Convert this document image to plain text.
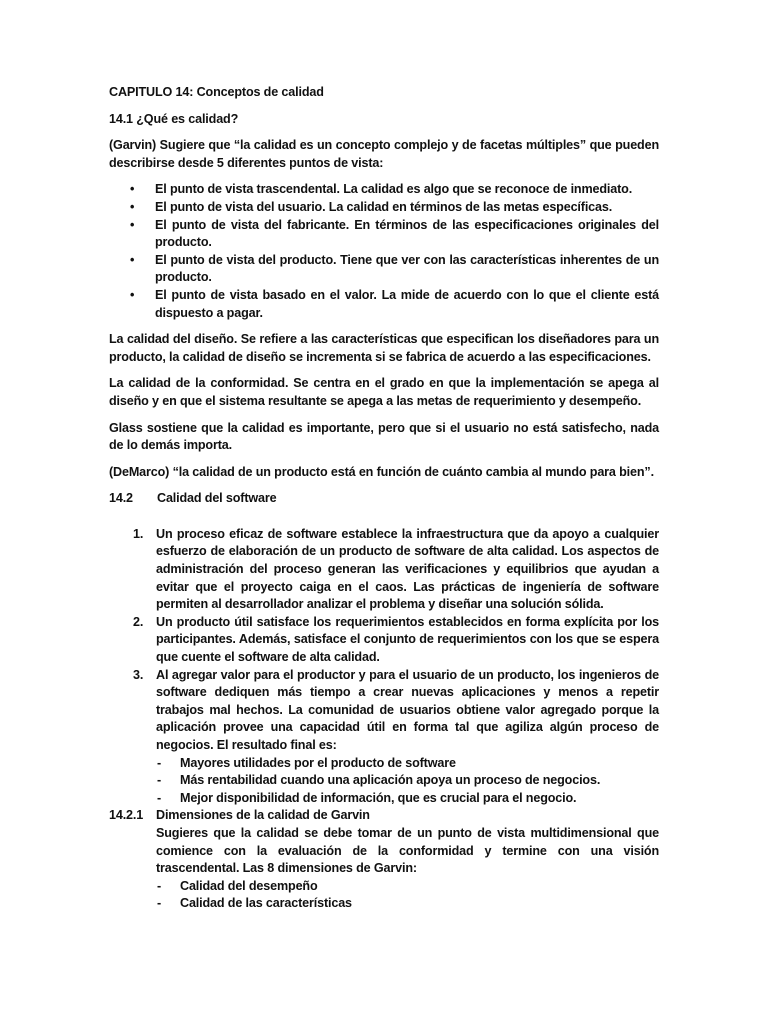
CAPITULO 14: Conceptos de calidad

14.1 ¿Qué es calidad?

(Garvin) Sugiere que “la calidad es un concepto complejo y de facetas múltiples” que pueden describirse desde 5 diferentes puntos de vista:

• El punto de vista trascendental. La calidad es algo que se reconoce de inmediato.
• El punto de vista del usuario. La calidad en términos de las metas específicas.
• El punto de vista del fabricante. En términos de las especificaciones originales del producto.
• El punto de vista del producto. Tiene que ver con las características inherentes de un producto.
• El punto de vista basado en el valor. La mide de acuerdo con lo que el cliente está dispuesto a pagar.

La calidad del diseño. Se refiere a las características que especifican los diseñadores para un producto, la calidad de diseño se incrementa si se fabrica de acuerdo a las especificaciones.

La calidad de la conformidad. Se centra en el grado en que la implementación se apega al diseño y en que el sistema resultante se apega a las metas de requerimiento y desempeño.

Glass sostiene que la calidad es importante, pero que si el usuario no está satisfecho, nada de lo demás importa.

(DeMarco) “la calidad de un producto está en función de cuánto cambia al mundo para bien”.

14.2 Calidad del software

1. Un proceso eficaz de software establece la infraestructura que da apoyo a cualquier esfuerzo de elaboración de un producto de software de alta calidad. Los aspectos de administración del proceso generan las verificaciones y equilibrios que ayudan a evitar que el proyecto caiga en el caos. Las prácticas de ingeniería de software permiten al desarrollador analizar el problema y diseñar una solución sólida.
2. Un producto útil satisface los requerimientos establecidos en forma explícita por los participantes. Además, satisface el conjunto de requerimientos con los que se espera que cuente el software de alta calidad.
3. Al agregar valor para el productor y para el usuario de un producto, los ingenieros de software dediquen más tiempo a crear nuevas aplicaciones y menos a repetir trabajos mal hechos. La comunidad de usuarios obtiene valor agregado porque la aplicación provee una capacidad útil en forma tal que agiliza algún proceso de negocios. El resultado final es:
- Mayores utilidades por el producto de software
- Más rentabilidad cuando una aplicación apoya un proceso de negocios.
- Mejor disponibilidad de información, que es crucial para el negocio.

14.2.1 Dimensiones de la calidad de Garvin

Sugieres que la calidad se debe tomar de un punto de vista multidimensional que comience con la evaluación de la conformidad y termine con una visión trascendental. Las 8 dimensiones de Garvin:

- Calidad del desempeño
- Calidad de las características
